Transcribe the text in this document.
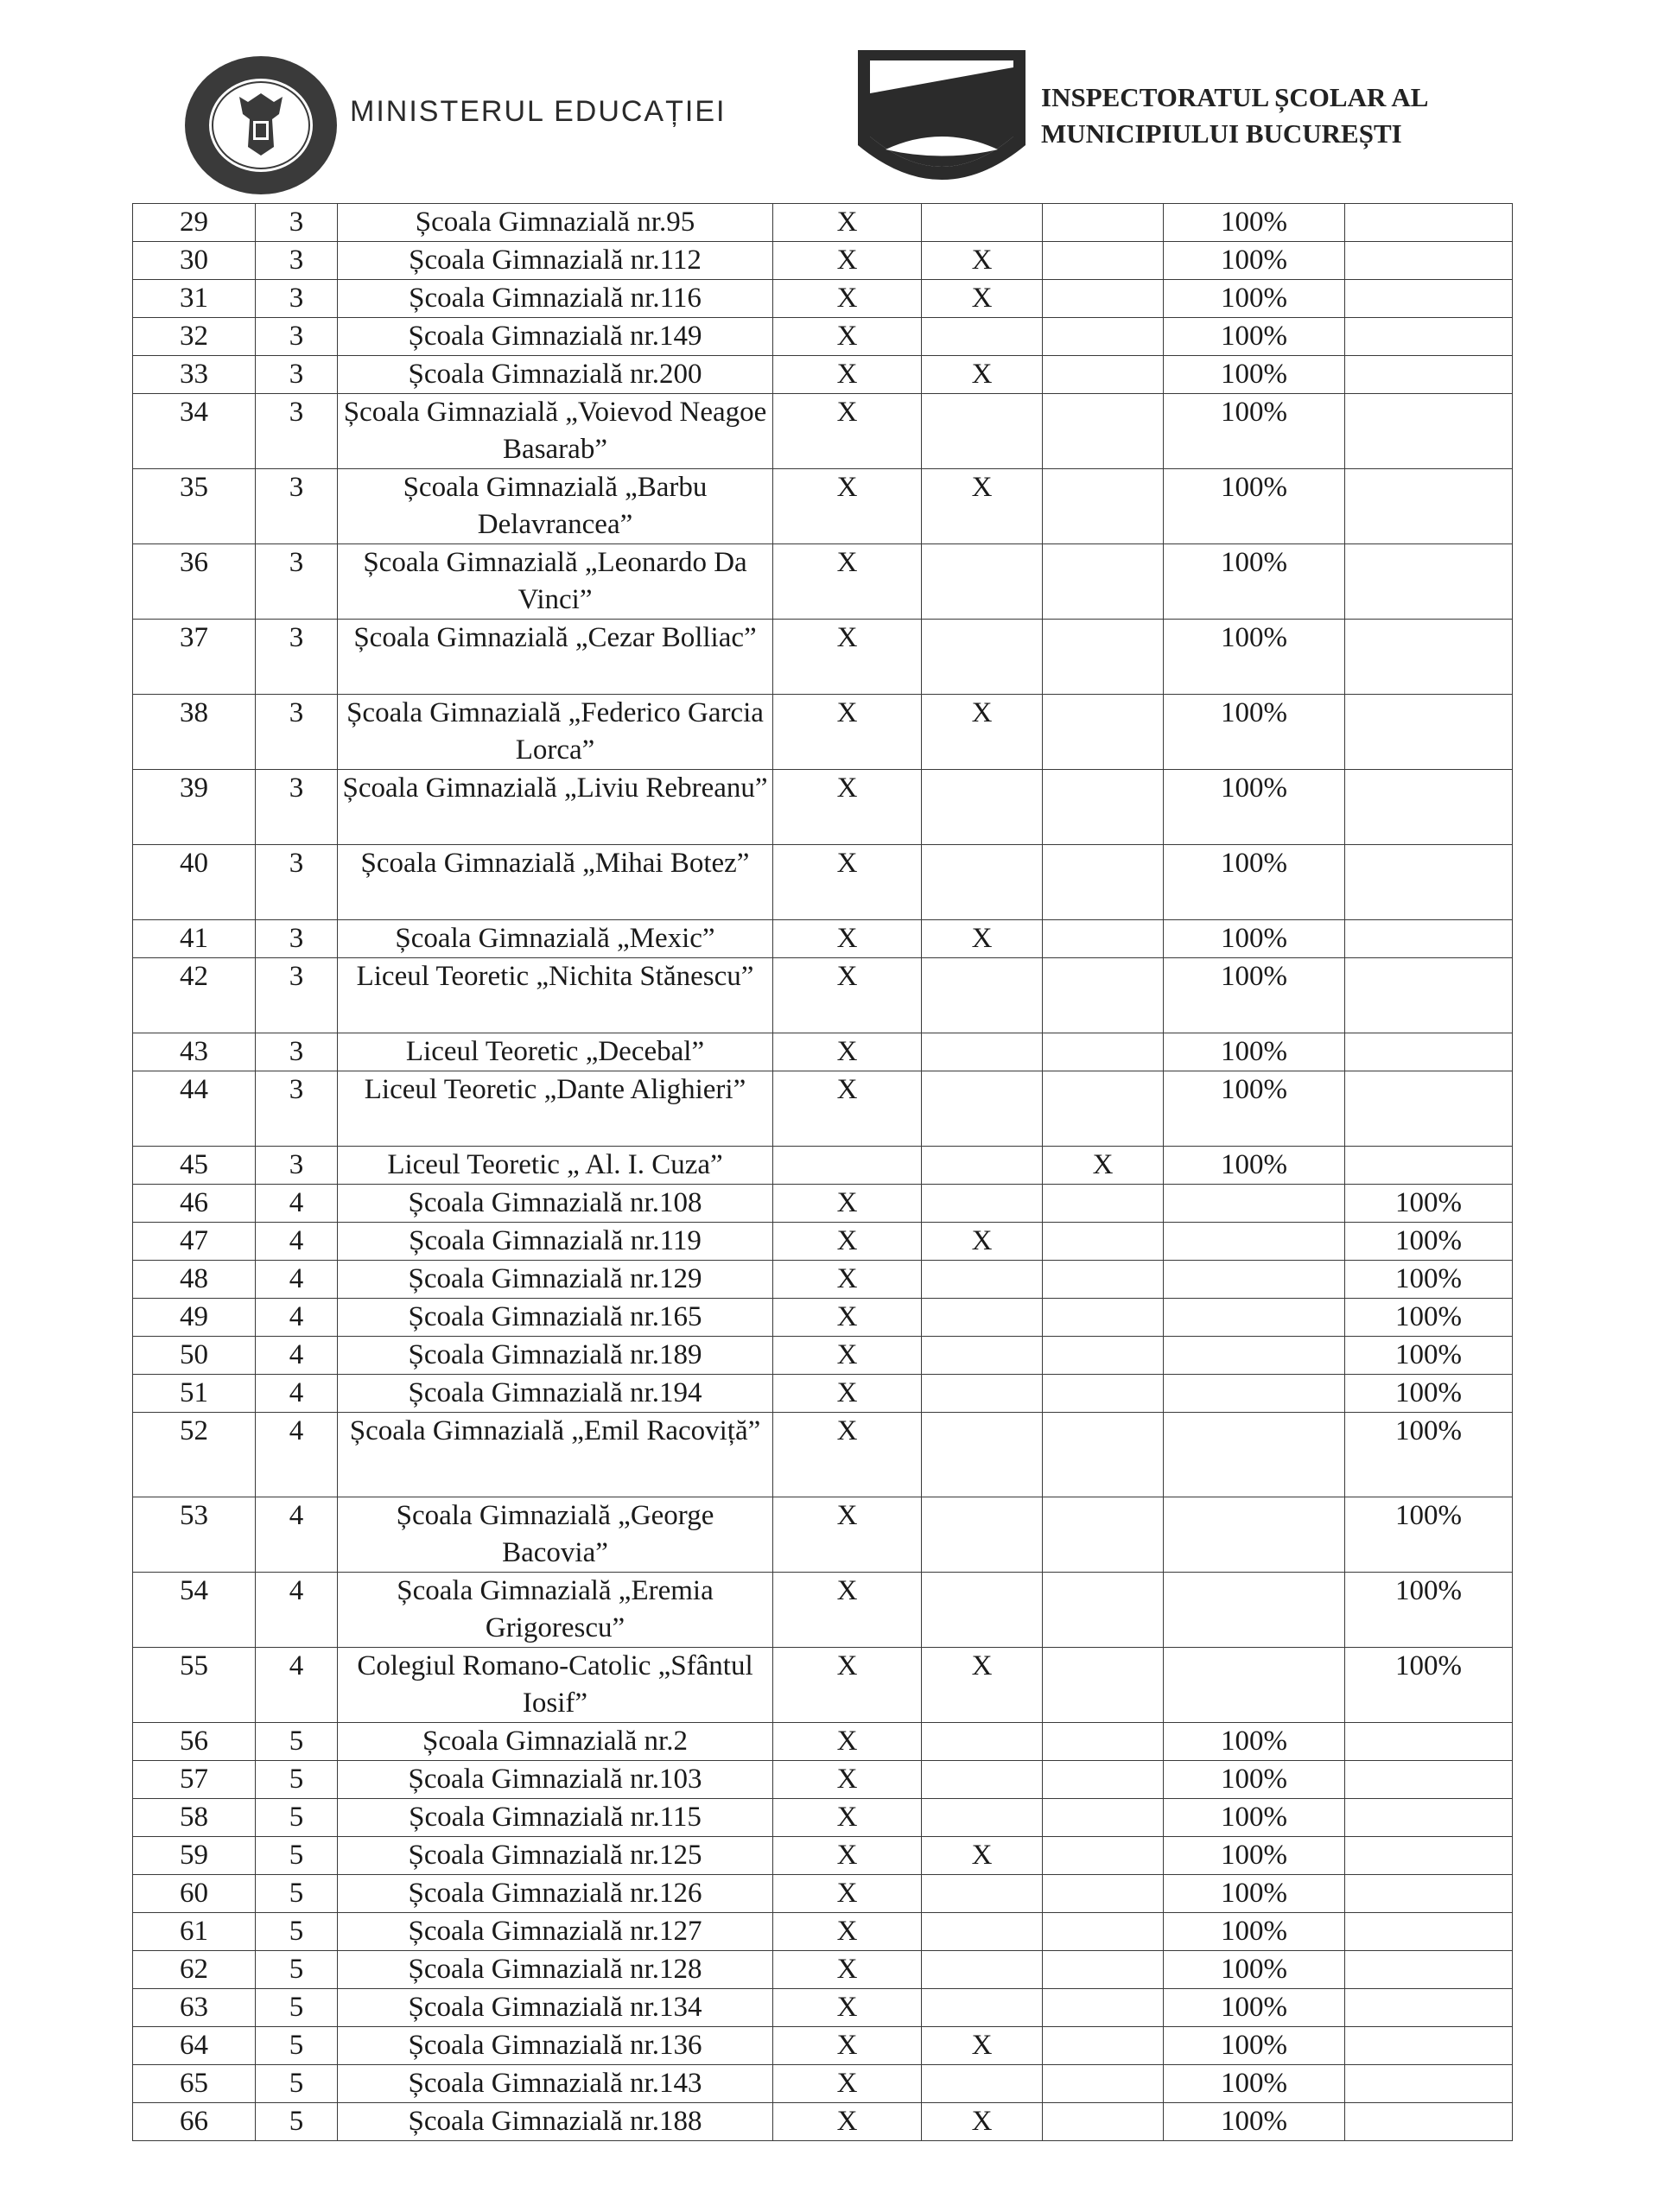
MINISTERUL EDUCAȚIEI	INSPECTORATUL ȘCOLAR AL
MUNICIPIULUI BUCUREȘTI
29	3	Școala Gimnazială nr.95	X			100%	
30	3	Școala Gimnazială nr.112	X	X		100%	
31	3	Școala Gimnazială nr.116	X	X		100%	
32	3	Școala Gimnazială nr.149	X			100%	
33	3	Școala Gimnazială nr.200	X	X		100%	
34	3	Școala Gimnazială „Voievod Neagoe Basarab”	X			100%	
35	3	Școala Gimnazială „Barbu Delavrancea”	X	X		100%	
36	3	Școala Gimnazială „Leonardo Da Vinci”	X			100%	
37	3	Școala Gimnazială „Cezar Bolliac”	X			100%	
38	3	Școala Gimnazială „Federico Garcia Lorca”	X	X		100%	
39	3	Școala Gimnazială „Liviu Rebreanu”	X			100%	
40	3	Școala Gimnazială „Mihai Botez”	X			100%	
41	3	Școala Gimnazială „Mexic”	X	X		100%	
42	3	Liceul Teoretic „Nichita Stănescu”	X			100%	
43	3	Liceul Teoretic „Decebal”	X			100%	
44	3	Liceul Teoretic „Dante Alighieri”	X			100%	
45	3	Liceul Teoretic „ Al. I. Cuza”			X	100%	
46	4	Școala Gimnazială nr.108	X				100%
47	4	Școala Gimnazială nr.119	X	X			100%
48	4	Școala Gimnazială nr.129	X				100%
49	4	Școala Gimnazială nr.165	X				100%
50	4	Școala Gimnazială nr.189	X				100%
51	4	Școala Gimnazială nr.194	X				100%
52	4	Școala Gimnazială „Emil Racoviță”	X				100%
53	4	Școala Gimnazială „George Bacovia”	X				100%
54	4	Școala Gimnazială „Eremia Grigorescu”	X				100%
55	4	Colegiul Romano-Catolic „Sfântul Iosif”	X	X			100%
56	5	Școala Gimnazială nr.2	X			100%	
57	5	Școala Gimnazială nr.103	X			100%	
58	5	Școala Gimnazială nr.115	X			100%	
59	5	Școala Gimnazială nr.125	X	X		100%	
60	5	Școala Gimnazială nr.126	X			100%	
61	5	Școala Gimnazială nr.127	X			100%	
62	5	Școala Gimnazială nr.128	X			100%	
63	5	Școala Gimnazială nr.134	X			100%	
64	5	Școala Gimnazială nr.136	X	X		100%	
65	5	Școala Gimnazială nr.143	X			100%	
66	5	Școala Gimnazială nr.188	X	X		100%	
